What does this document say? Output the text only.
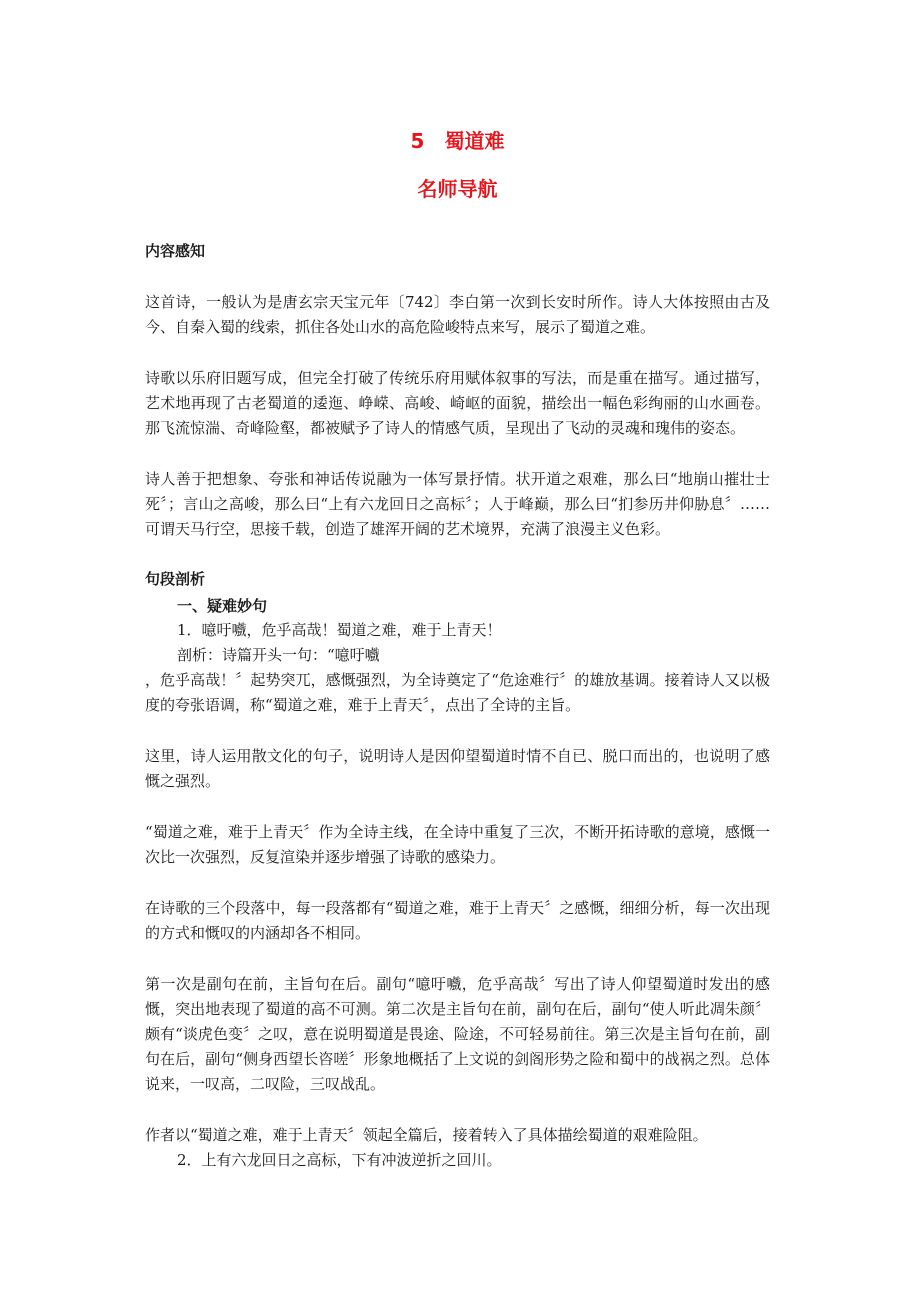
5　蜀道难
名师导航
内容感知

这首诗，一般认为是唐玄宗天宝元年〔742〕李白第一次到长安时所作。诗人大体按照由古及今、自秦入蜀的线索，抓住各处山水的高危险峻特点来写，展示了蜀道之难。

诗歌以乐府旧题写成，但完全打破了传统乐府用赋体叙事的写法，而是重在描写。通过描写，艺术地再现了古老蜀道的逶迤、峥嵘、高峻、崎岖的面貌，描绘出一幅色彩绚丽的山水画卷。那飞流惊湍、奇峰险壑，都被赋予了诗人的情感气质，呈现出了飞动的灵魂和瑰伟的姿态。

诗人善于把想象、夸张和神话传说融为一体写景抒情。状开道之艰难，那么曰“地崩山摧壮士死〞；言山之高峻，那么曰“上有六龙回日之高标〞；人于峰巅，那么曰“扪参历井仰胁息〞……可谓天马行空，思接千载，创造了雄浑开阔的艺术境界，充满了浪漫主义色彩。

句段剖析
一、疑难妙句

1．噫吁嚱，危乎高哉！蜀道之难，难于上青天！

剖析：诗篇开头一句：“噫吁嚱

，危乎高哉！〞起势突兀，感慨强烈，为全诗奠定了“危途难行〞的雄放基调。接着诗人又以极度的夸张语调，称“蜀道之难，难于上青天〞，点出了全诗的主旨。

这里，诗人运用散文化的句子，说明诗人是因仰望蜀道时情不自已、脱口而出的，也说明了感慨之强烈。

“蜀道之难，难于上青天〞作为全诗主线，在全诗中重复了三次，不断开拓诗歌的意境，感慨一次比一次强烈，反复渲染并逐步增强了诗歌的感染力。

在诗歌的三个段落中，每一段落都有“蜀道之难，难于上青天〞之感慨，细细分析，每一次出现的方式和慨叹的内涵却各不相同。

第一次是副句在前，主旨句在后。副句“噫吁嚱，危乎高哉〞写出了诗人仰望蜀道时发出的感慨，突出地表现了蜀道的高不可测。第二次是主旨句在前，副句在后，副句“使人听此凋朱颜〞颇有“谈虎色变〞之叹，意在说明蜀道是畏途、险途，不可轻易前往。第三次是主旨句在前，副句在后，副句“侧身西望长咨嗟〞形象地概括了上文说的剑阁形势之险和蜀中的战祸之烈。总体说来，一叹高，二叹险，三叹战乱。

作者以“蜀道之难，难于上青天〞领起全篇后，接着转入了具体描绘蜀道的艰难险阻。

2．上有六龙回日之高标，下有冲波逆折之回川。
